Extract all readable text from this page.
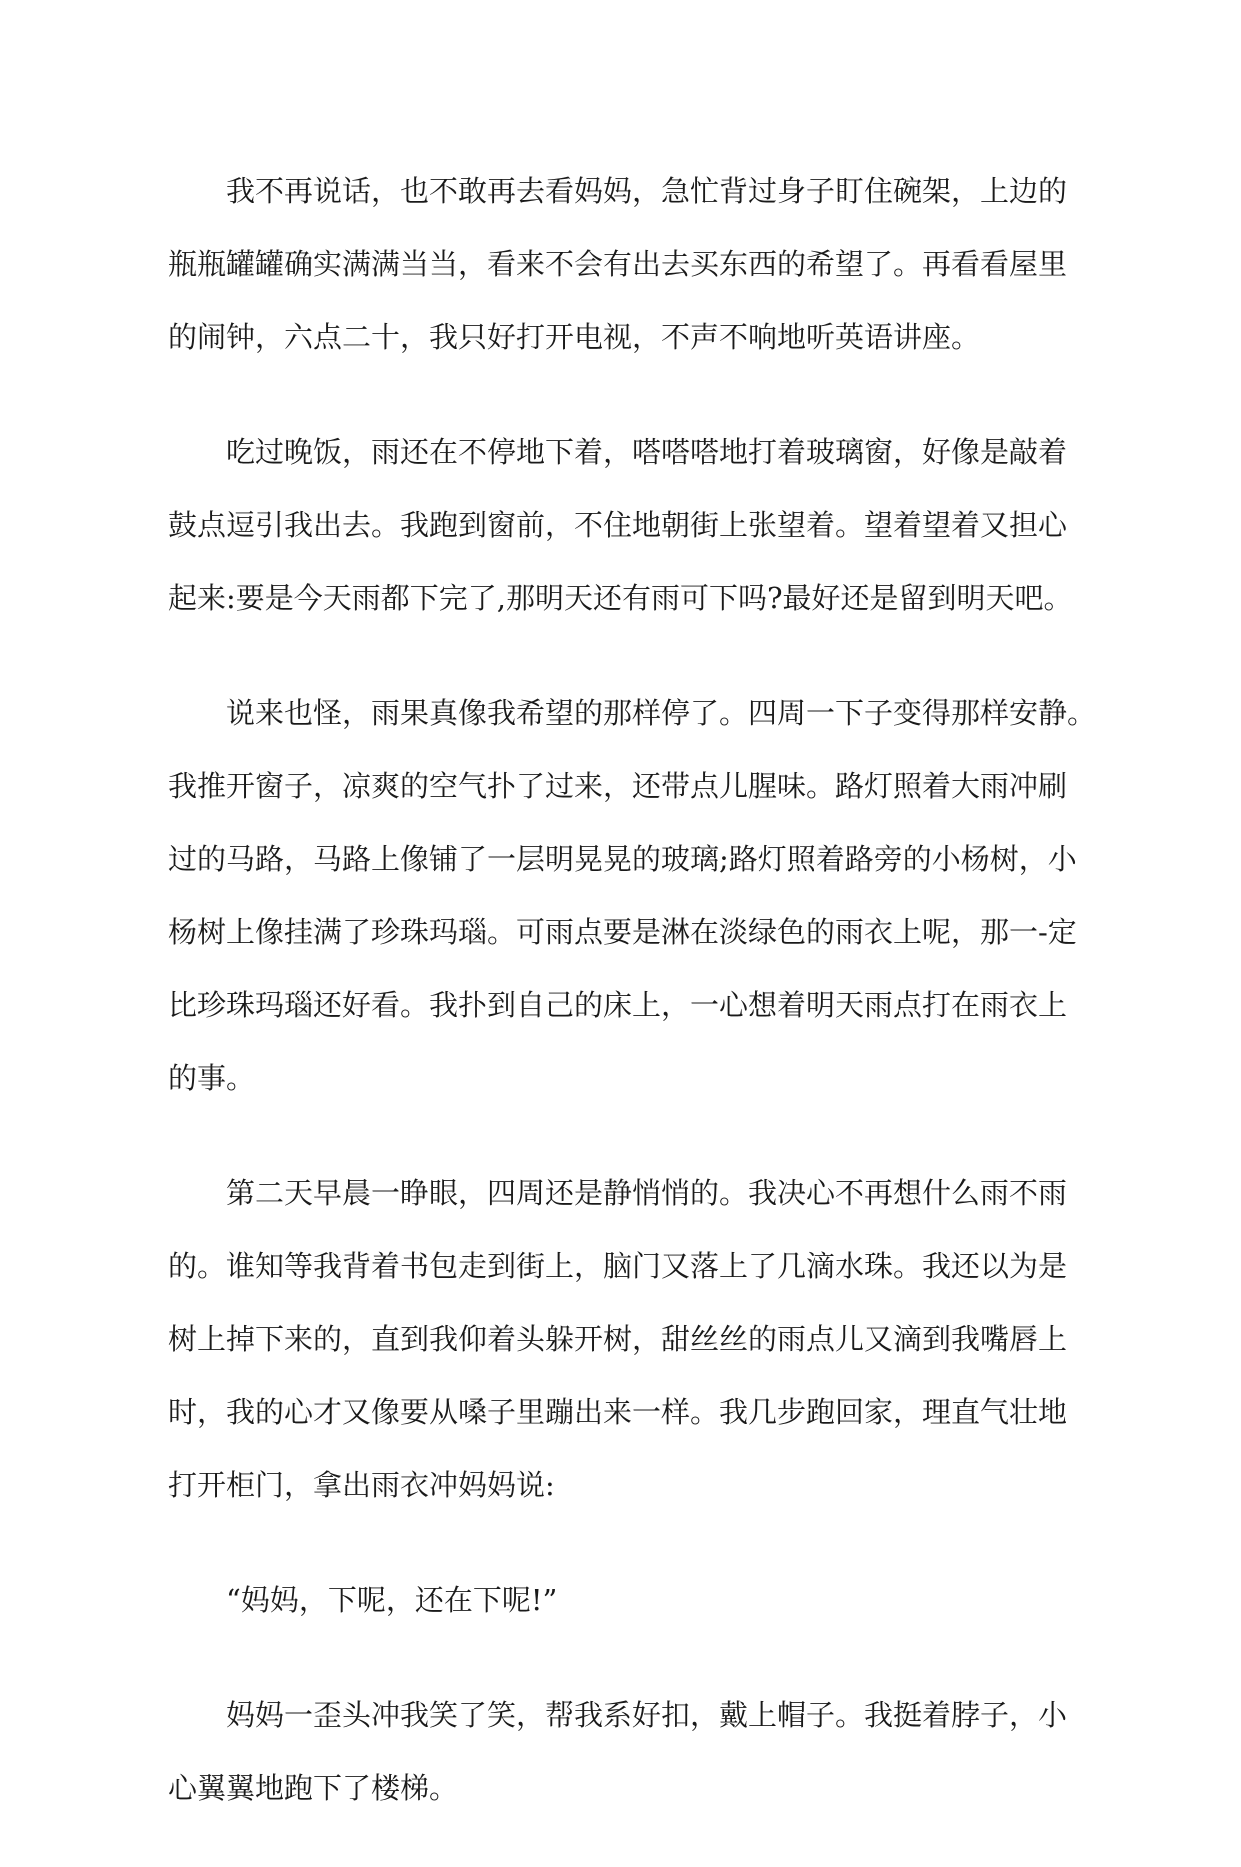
我不再说话，也不敢再去看妈妈，急忙背过身子盯住碗架，上边的
瓶瓶罐罐确实满满当当，看来不会有出去买东西的希望了。再看看屋里
的闹钟，六点二十，我只好打开电视，不声不响地听英语讲座。

吃过晚饭，雨还在不停地下着，嗒嗒嗒地打着玻璃窗，好像是敲着
鼓点逗引我出去。我跑到窗前，不住地朝街上张望着。望着望着又担心
起来:要是今天雨都下完了,那明天还有雨可下吗?最好还是留到明天吧。

说来也怪，雨果真像我希望的那样停了。四周一下子变得那样安静。
我推开窗子，凉爽的空气扑了过来，还带点儿腥味。路灯照着大雨冲刷
过的马路，马路上像铺了一层明晃晃的玻璃;路灯照着路旁的小杨树，小
杨树上像挂满了珍珠玛瑙。可雨点要是淋在淡绿色的雨衣上呢，那一-定
比珍珠玛瑙还好看。我扑到自己的床上，一心想着明天雨点打在雨衣上
的事。

第二天早晨一睁眼，四周还是静悄悄的。我决心不再想什么雨不雨
的。谁知等我背着书包走到街上，脑门又落上了几滴水珠。我还以为是
树上掉下来的，直到我仰着头躲开树，甜丝丝的雨点儿又滴到我嘴唇上
时，我的心才又像要从嗓子里蹦出来一样。我几步跑回家，理直气壮地
打开柜门，拿出雨衣冲妈妈说:

“妈妈，下呢，还在下呢!”

妈妈一歪头冲我笑了笑，帮我系好扣，戴上帽子。我挺着脖子，小
心翼翼地跑下了楼梯。
